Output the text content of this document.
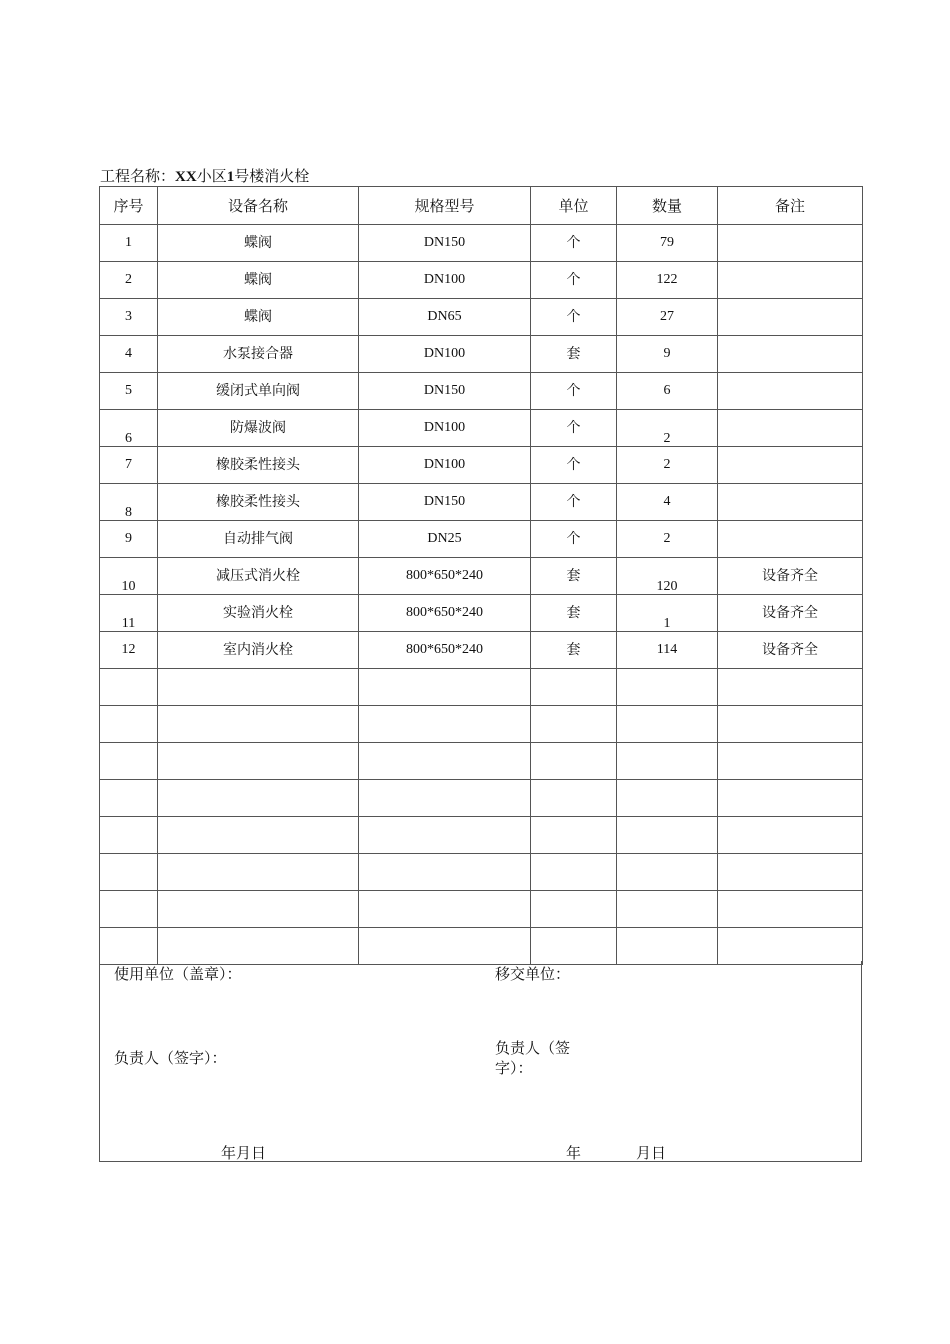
工程名称：XX小区1号楼消火栓
序号	设备名称	规格型号	单位	数量	备注
1	蝶阀	DN150	个	79	
2	蝶阀	DN100	个	122	
3	蝶阀	DN65	个	27	
4	水泵接合器	DN100	套	9	
5	缓闭式单向阀	DN150	个	6	
6	防爆波阀	DN100	个	2	
7	橡胶柔性接头	DN100	个	2	
8	橡胶柔性接头	DN150	个	4	
9	自动排气阀	DN25	个	2	
10	减压式消火栓	800*650*240	套	120	设备齐全
11	实验消火栓	800*650*240	套	1	设备齐全
12	室内消火栓	800*650*240	套	114	设备齐全

使用单位（盖章）：	移交单位：
负责人（签字）：
负责人（签
字）：
年月日	年	月日
